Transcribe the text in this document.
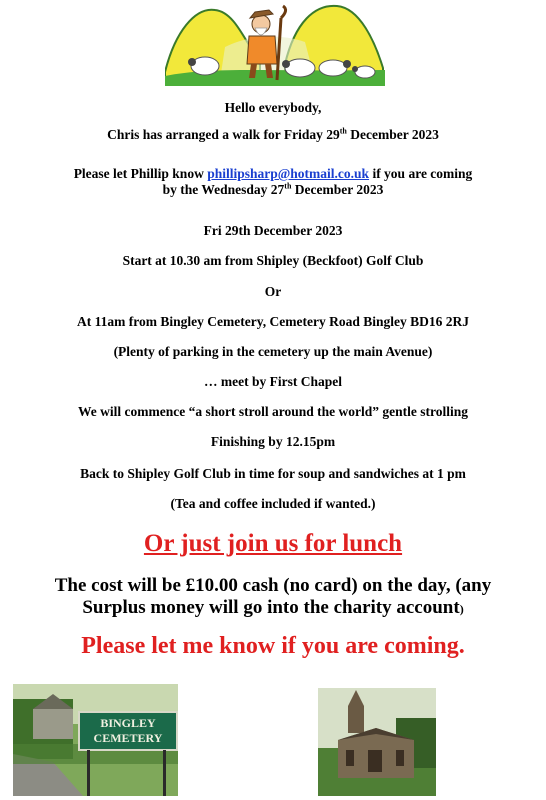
Hello everybody,
Chris has arranged a walk for Friday 29th December 2023
Please let Phillip know phillipsharp@hotmail.co.uk if you are coming
by the Wednesday 27th December 2023
Fri 29th December 2023
Start at 10.30 am from Shipley (Beckfoot) Golf Club
Or
At 11am from Bingley Cemetery, Cemetery Road Bingley BD16 2RJ
(Plenty of parking in the cemetery up the main Avenue)
… meet by First Chapel
We will commence “a short stroll around the world” gentle strolling
Finishing by 12.15pm
Back to Shipley Golf Club in time for soup and sandwiches at 1 pm
(Tea and coffee included if wanted.)
Or just join us for lunch
The cost will be £10.00 cash (no card) on the day, (any
Surplus money will go into the charity account)
Please let me know if you are coming.
BINGLEY
CEMETERY
